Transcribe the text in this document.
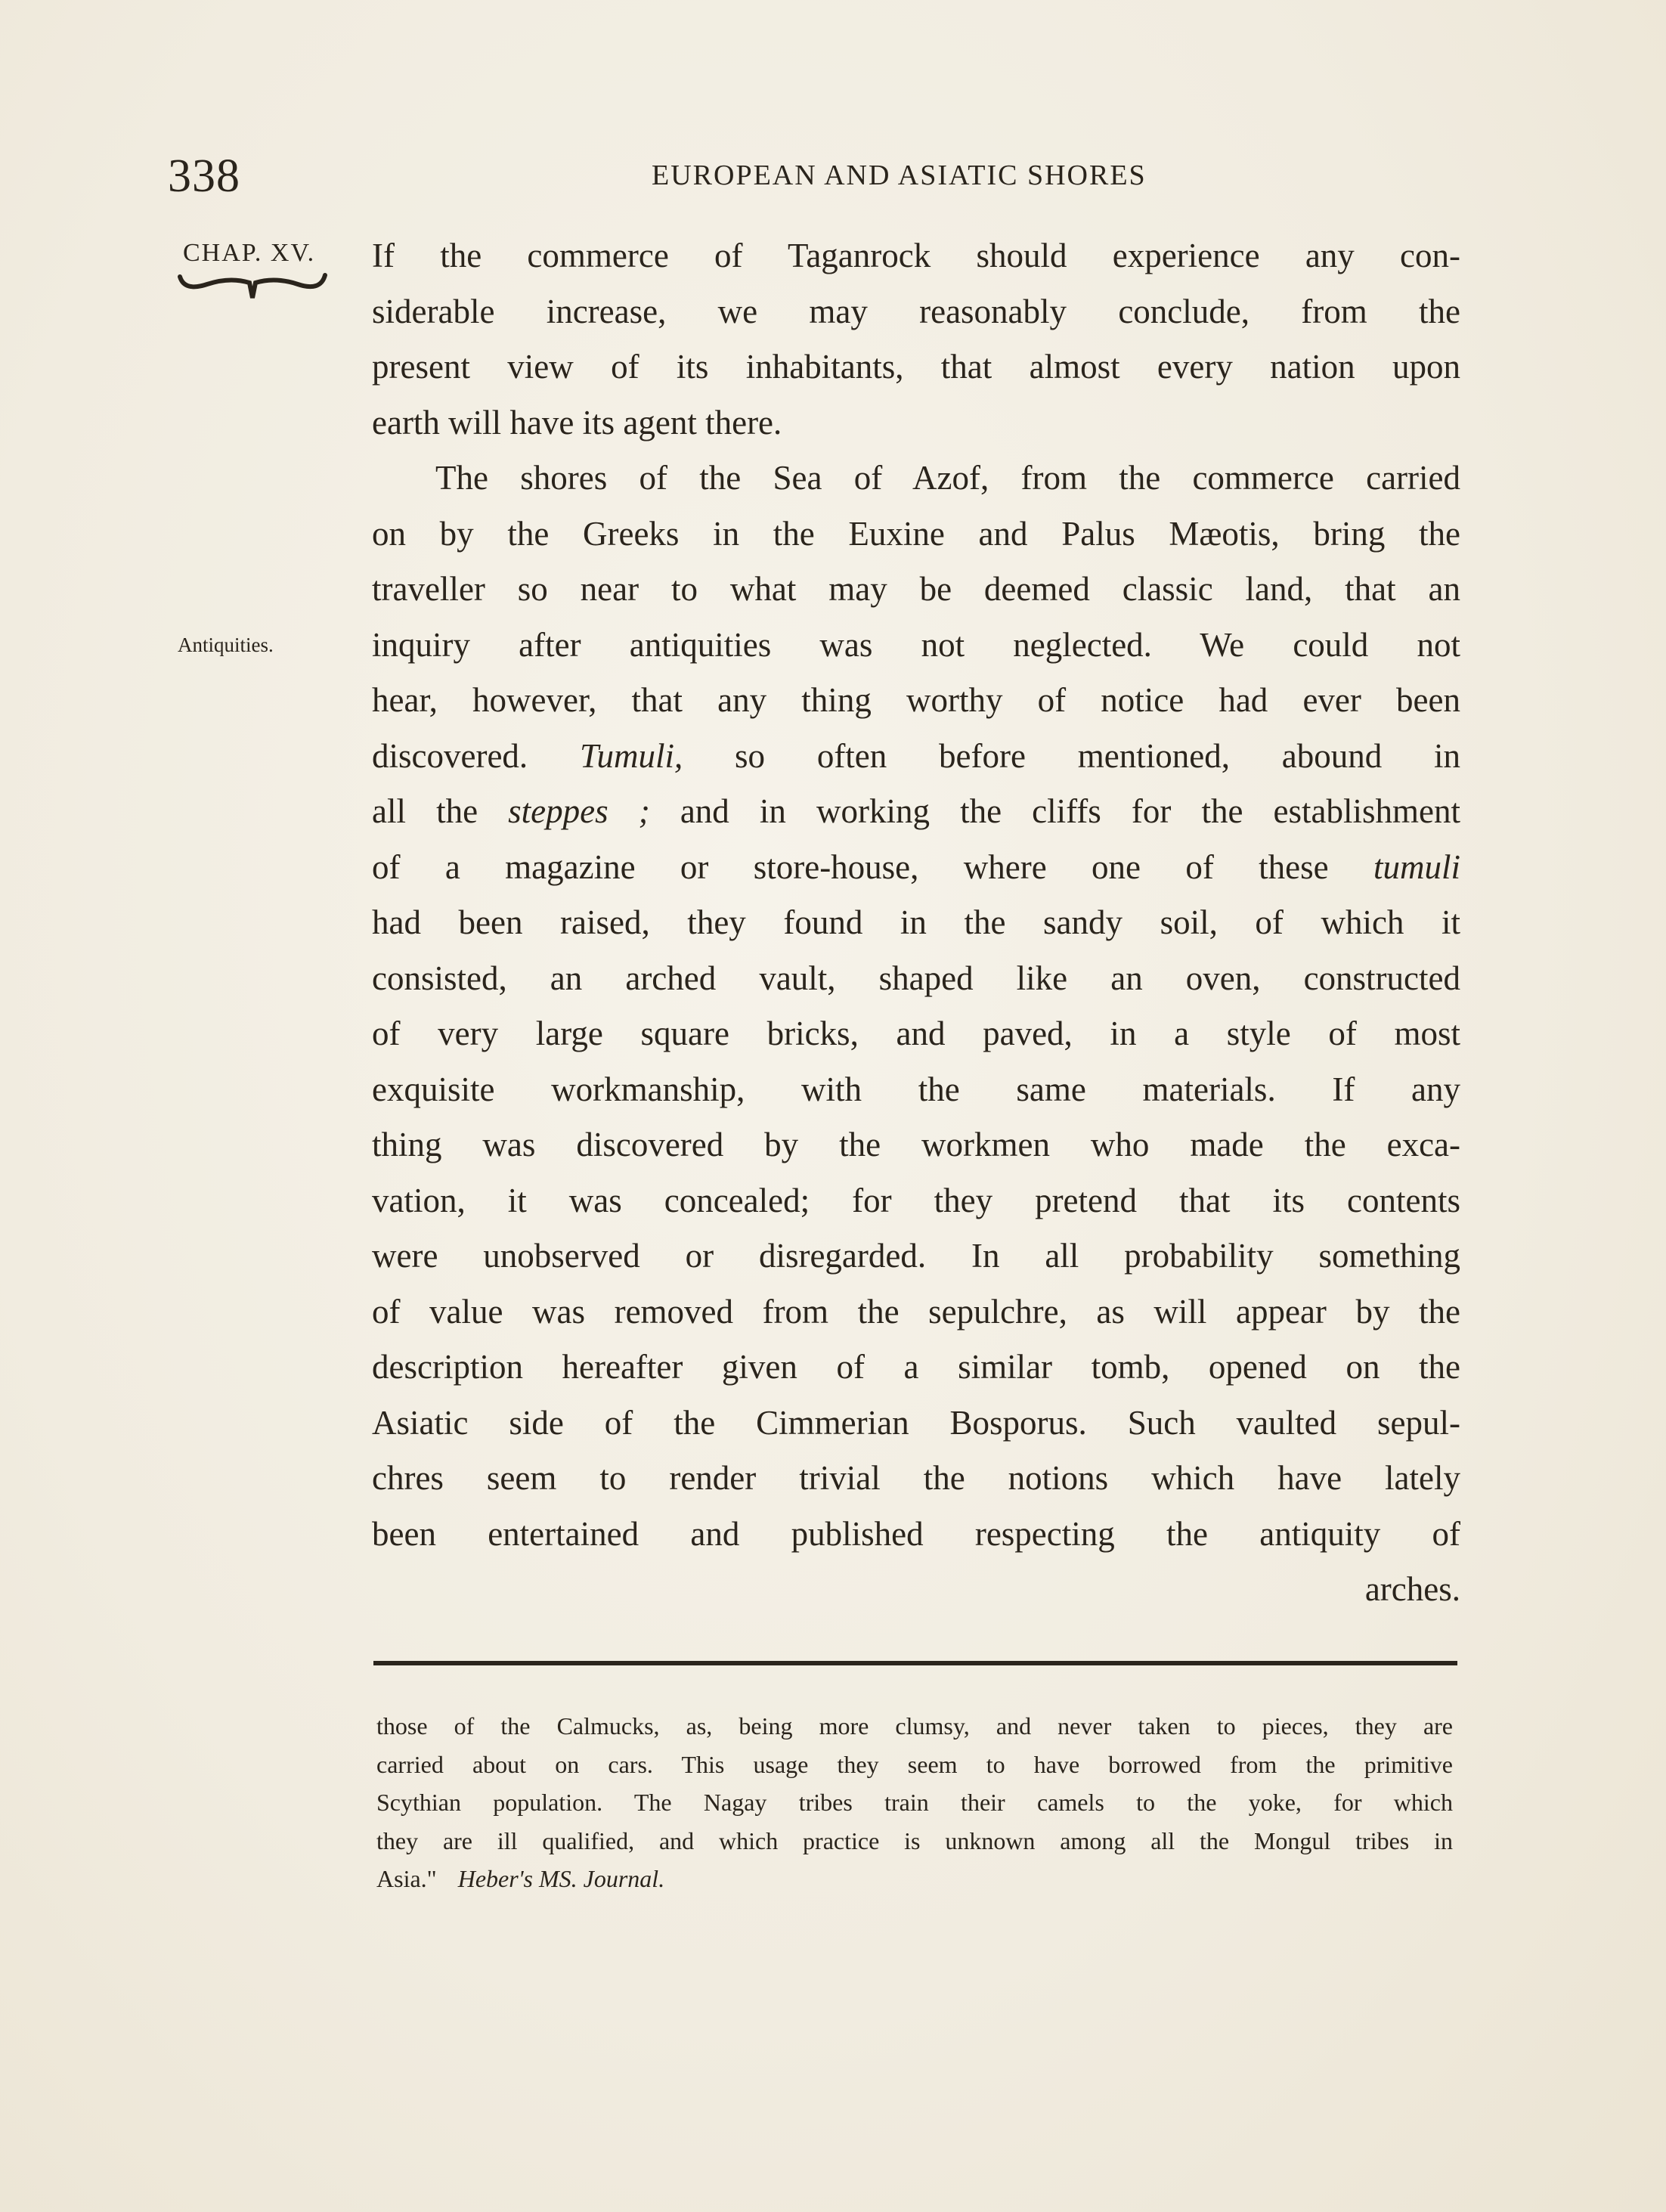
338	EUROPEAN AND ASIATIC SHORES
CHAP. XV.
Antiquities.
If the commerce of Taganrock should experience any con-
siderable increase, we may reasonably conclude, from the
present view of its inhabitants, that almost every nation upon
earth will have its agent there.
The shores of the Sea of Azof, from the commerce carried
on by the Greeks in the Euxine and Palus Mæotis, bring the
traveller so near to what may be deemed classic land, that an
inquiry after antiquities was not neglected. We could not
hear, however, that any thing worthy of notice had ever been
discovered. Tumuli, so often before mentioned, abound in
all the steppes ; and in working the cliffs for the establishment
of a magazine or store-house, where one of these tumuli
had been raised, they found in the sandy soil, of which it
consisted, an arched vault, shaped like an oven, constructed
of very large square bricks, and paved, in a style of most
exquisite workmanship, with the same materials. If any
thing was discovered by the workmen who made the exca-
vation, it was concealed; for they pretend that its contents
were unobserved or disregarded. In all probability something
of value was removed from the sepulchre, as will appear by the
description hereafter given of a similar tomb, opened on the
Asiatic side of the Cimmerian Bosporus. Such vaulted sepul-
chres seem to render trivial the notions which have lately
been entertained and published respecting the antiquity of
arches.
those of the Calmucks, as, being more clumsy, and never taken to pieces, they are
carried about on cars. This usage they seem to have borrowed from the primitive
Scythian population. The Nagay tribes train their camels to the yoke, for which
they are ill qualified, and which practice is unknown among all the Mongul tribes in
Asia." Heber's MS. Journal.
